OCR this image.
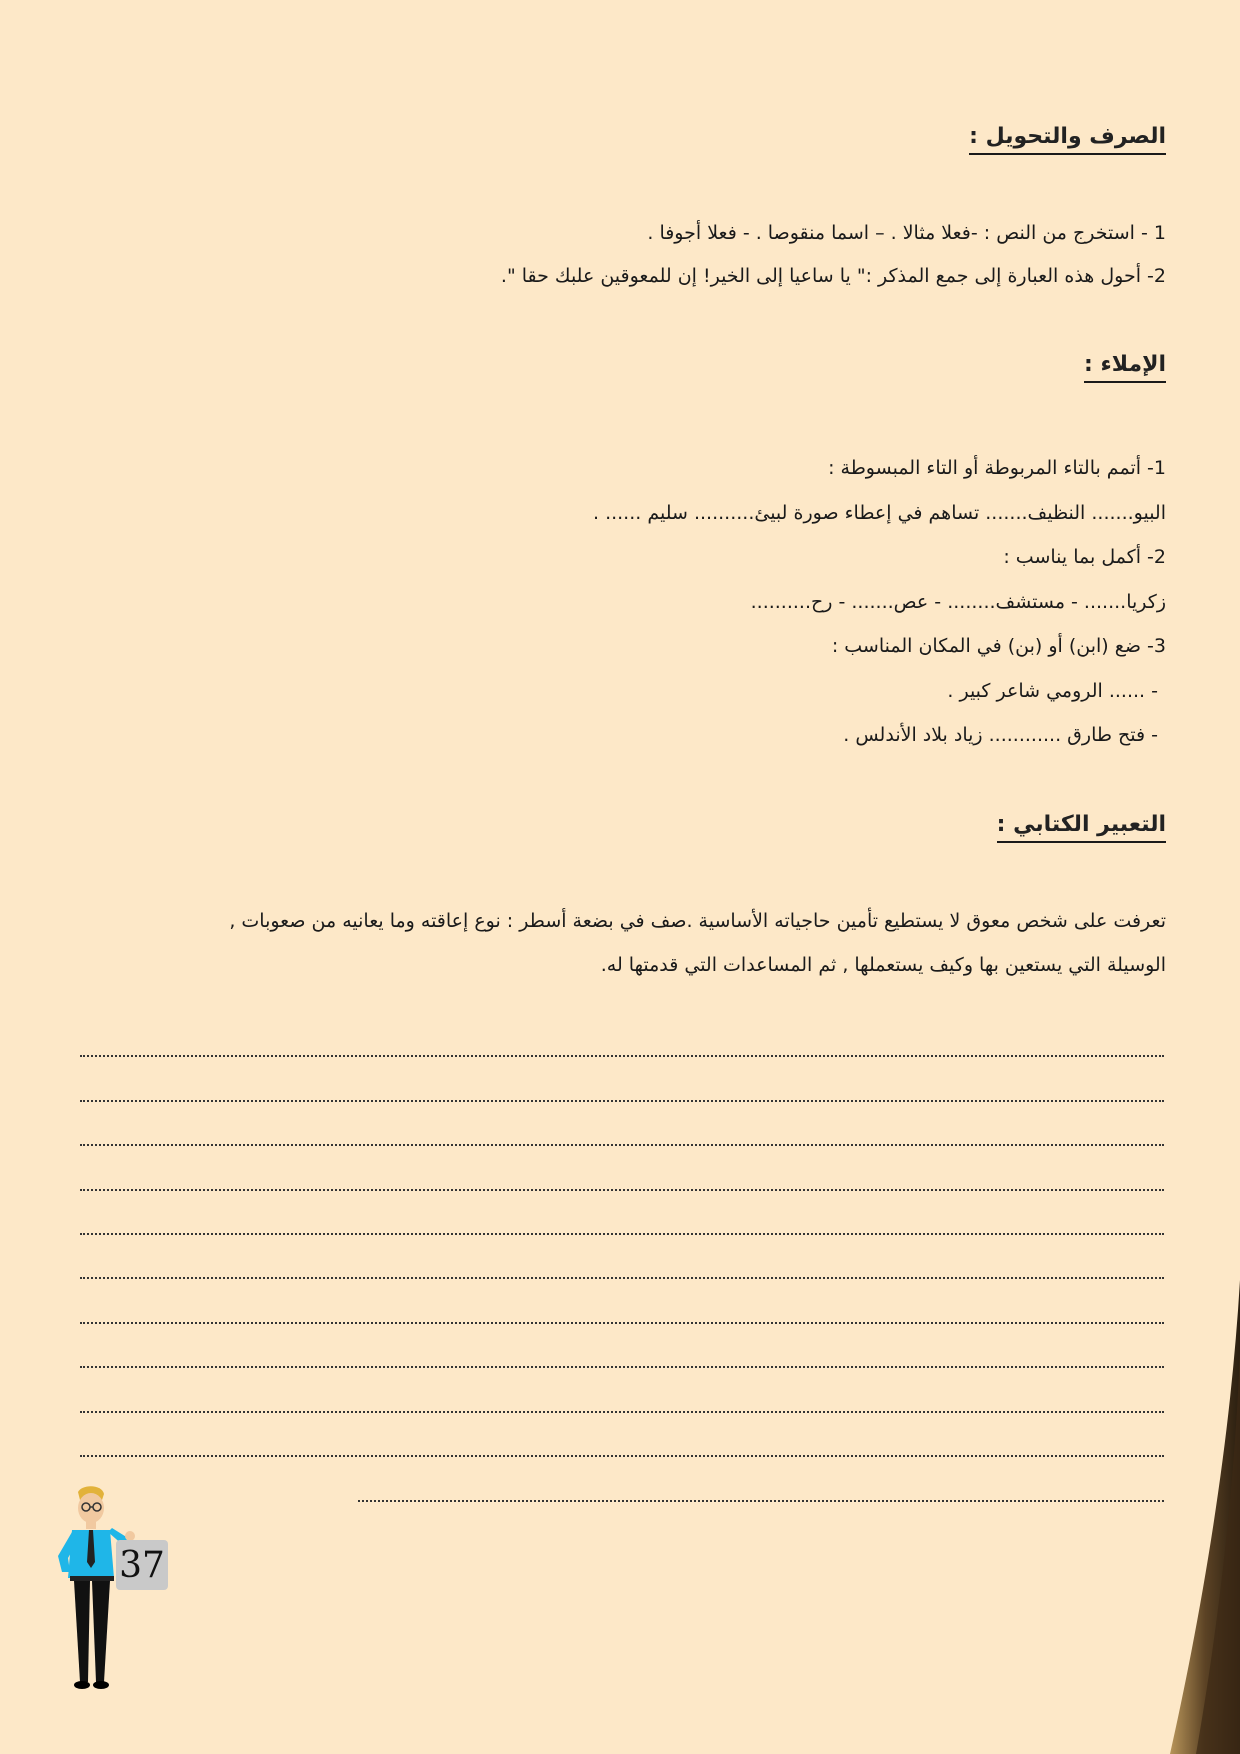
الصرف والتحويل :
1 - استخرج من النص : -فعلا مثالا . – اسما منقوصا . - فعلا أجوفا .
2- أحول هذه العبارة إلى جمع المذكر :" يا ساعيا إلى الخير! إن للمعوقين علبك حقا ".
الإملاء :
1- أتمم بالتاء المربوطة أو التاء المبسوطة :
البيو....... النظيف....... تساهم في إعطاء صورة لبيئ.......... سليم ...... .
2- أكمل بما يناسب :
زكريا....... - مستشف........ - عص....... - رح..........
3- ضع (ابن) أو (بن) في المكان المناسب :
- ...... الرومي شاعر كبير .
- فتح طارق ............ زياد بلاد الأندلس .
التعبير الكتابي :
تعرفت على شخص معوق لا يستطيع تأمين حاجياته الأساسية .صف في بضعة أسطر : نوع إعاقته وما يعانيه من صعوبات ,
الوسيلة التي يستعين بها وكيف يستعملها , ثم المساعدات التي قدمتها له.
37
